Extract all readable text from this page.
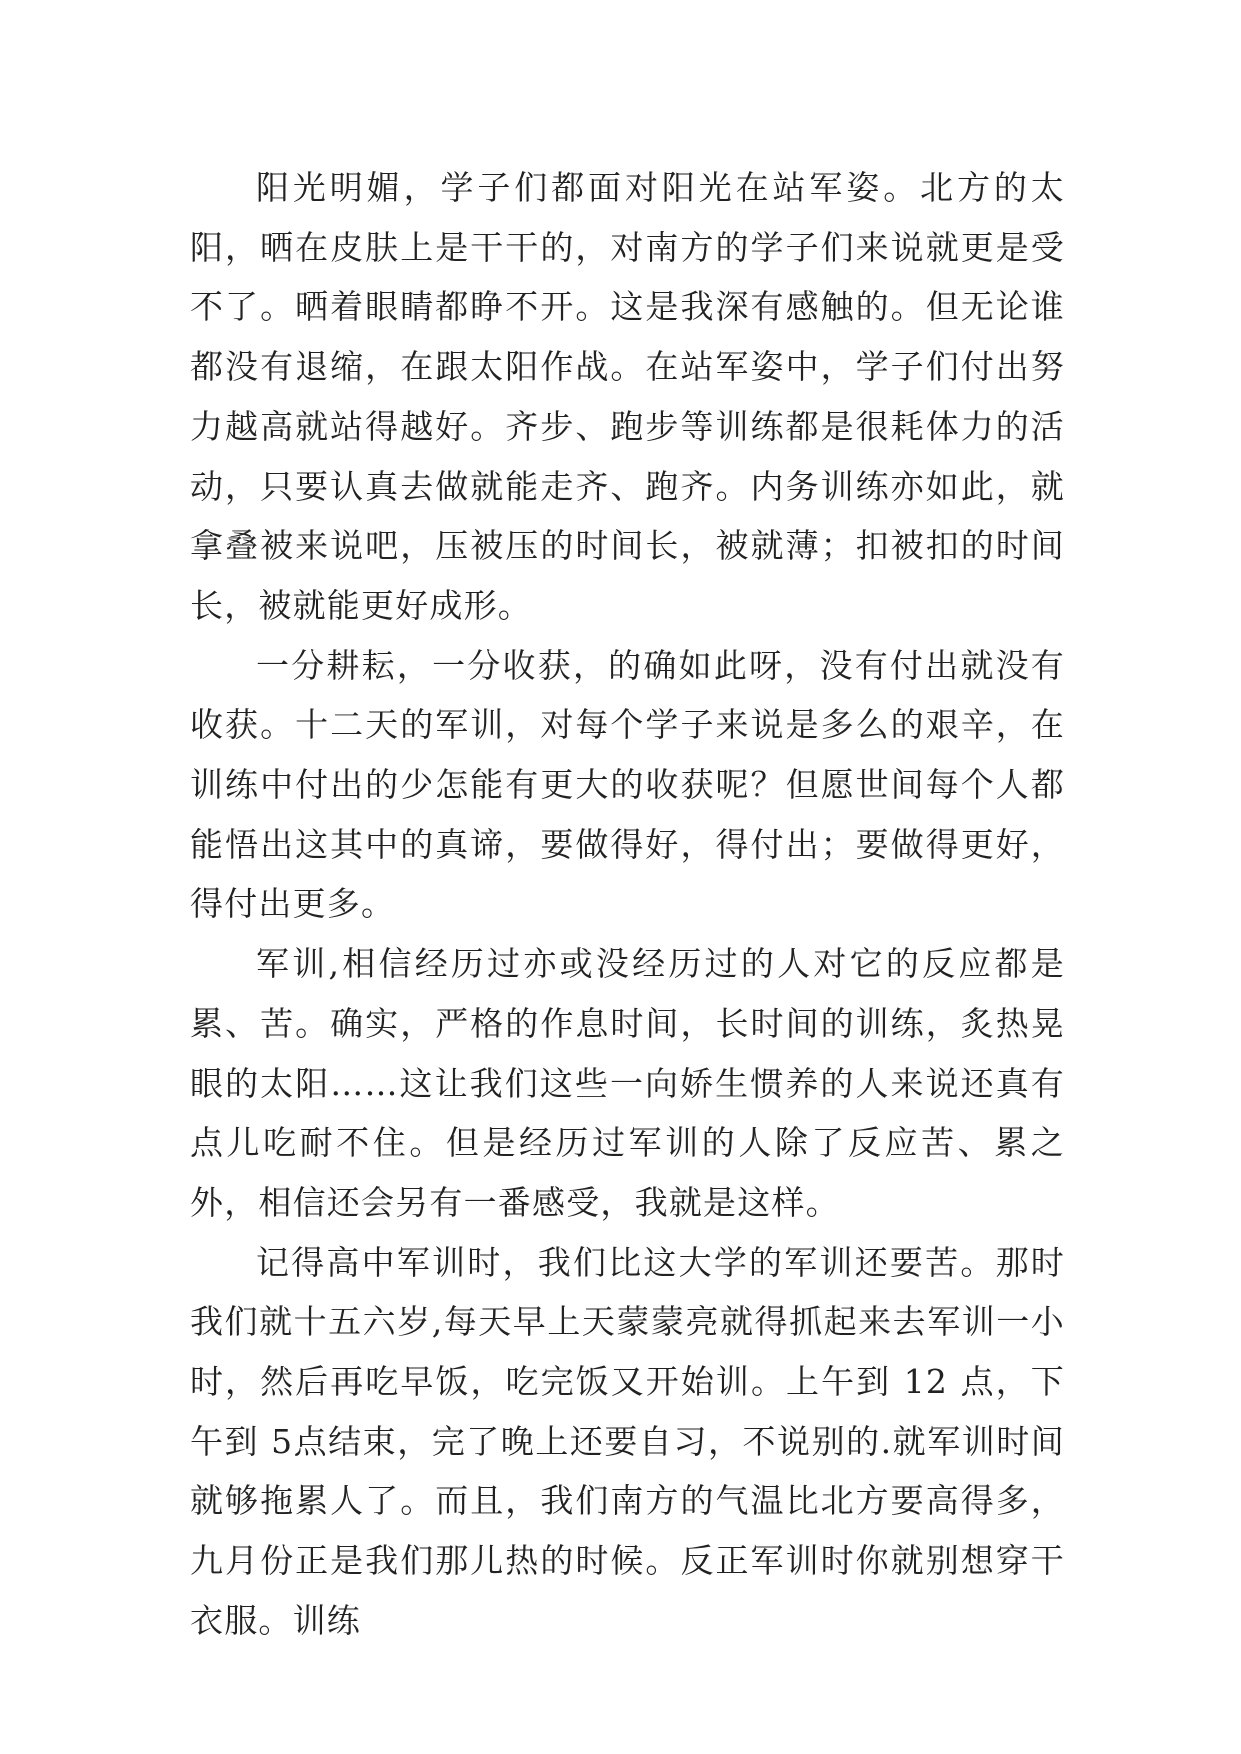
阳光明媚，学子们都面对阳光在站军姿。北方的太阳，晒在皮肤上是干干的，对南方的学子们来说就更是受不了。晒着眼睛都睁不开。这是我深有感触的。但无论谁都没有退缩，在跟太阳作战。在站军姿中，学子们付出努力越高就站得越好。齐步、跑步等训练都是很耗体力的活动，只要认真去做就能走齐、跑齐。内务训练亦如此，就拿叠被来说吧，压被压的时间长，被就薄；扣被扣的时间长，被就能更好成形。

一分耕耘，一分收获，的确如此呀，没有付出就没有收获。十二天的军训，对每个学子来说是多么的艰辛，在训练中付出的少怎能有更大的收获呢？但愿世间每个人都能悟出这其中的真谛，要做得好，得付出；要做得更好，得付出更多。

军训,相信经历过亦或没经历过的人对它的反应都是累、苦。确实，严格的作息时间，长时间的训练，炙热晃眼的太阳……这让我们这些一向娇生惯养的人来说还真有点儿吃耐不住。但是经历过军训的人除了反应苦、累之外，相信还会另有一番感受，我就是这样。

记得高中军训时，我们比这大学的军训还要苦。那时我们就十五六岁,每天早上天蒙蒙亮就得抓起来去军训一小时，然后再吃早饭，吃完饭又开始训。上午到 12 点，下午到 5点结束，完了晚上还要自习，不说别的.就军训时间就够拖累人了。而且，我们南方的气温比北方要高得多，九月份正是我们那儿热的时候。反正军训时你就别想穿干衣服。训练
